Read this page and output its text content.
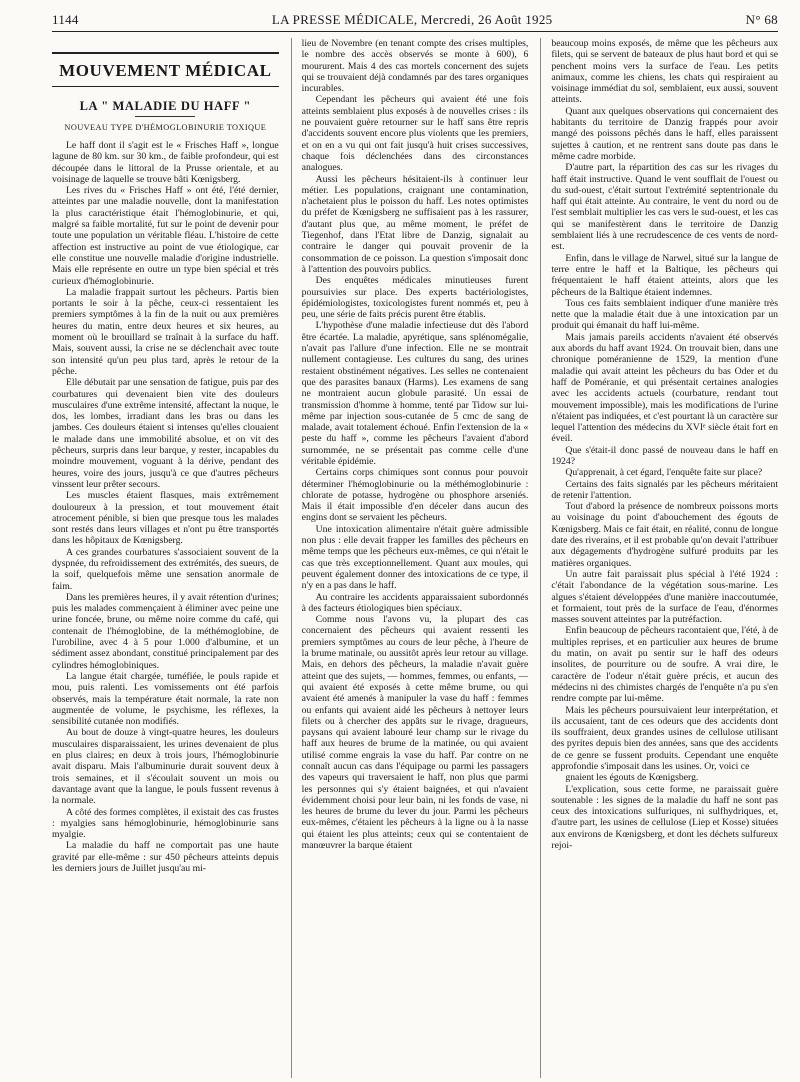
1144	LA PRESSE MÉDICALE, Mercredi, 26 Août 1925	N° 68
MOUVEMENT MÉDICAL
LA " MALADIE DU HAFF "
NOUVEAU TYPE D'HÉMOGLOBINURIE TOXIQUE

Le haff dont il s'agit est le « Frisches Haff », longue lagune de 80 km. sur 30 km., de faible profondeur, qui est découpée dans le littoral de la Prusse orientale, et au voisinage de laquelle se trouve bâti Kœnigsberg.

Les rives du « Frisches Haff » ont été, l'été dernier, atteintes par une maladie nouvelle, dont la manifestation la plus caractéristique était l'hémoglobinurie, et qui, malgré sa faible mortalité, fut sur le point de devenir pour toute une population un véritable fléau. L'histoire de cette affection est instructive au point de vue étiologique, car elle constitue une nouvelle maladie d'origine industrielle. Mais elle représente en outre un type bien spécial et très curieux d'hémoglobinurie.

La maladie frappait surtout les pêcheurs. Partis bien portants le soir à la pêche, ceux-ci ressentaient les premiers symptômes à la fin de la nuit ou aux premières heures du matin, entre deux heures et six heures, au moment où le brouillard se traînait à la surface du haff. Mais, souvent aussi, la crise ne se déclenchait avec toute son intensité qu'un peu plus tard, après le retour de la pêche.

Elle débutait par une sensation de fatigue, puis par des courbatures qui devenaient bien vite des douleurs musculaires d'une extrême intensité, affectant la nuque, le dos, les lombes, irradiant dans les bras ou dans les jambes. Ces douleurs étaient si intenses qu'elles clouaient le malade dans une immobilité absolue, et on vit des pêcheurs, surpris dans leur barque, y rester, incapables du moindre mouvement, voguant à la dérive, pendant des heures, voire des jours, jusqu'à ce que d'autres pêcheurs vinssent leur prêter secours.

Les muscles étaient flasques, mais extrêmement douloureux à la pression, et tout mouvement était atrocement pénible, si bien que presque tous les malades sont restés dans leurs villages et n'ont pu être transportés dans les hôpitaux de Kœnigsberg.

A ces grandes courbatures s'associaient souvent de la dyspnée, du refroidissement des extrémités, des sueurs, de la soif, quelquefois même une sensation anormale de faim.

Dans les premières heures, il y avait rétention d'urines; puis les malades commençaient à éliminer avec peine une urine foncée, brune, ou même noire comme du café, qui contenait de l'hémoglobine, de la méthémoglobine, de l'urobiline, avec 4 à 5 pour 1.000 d'albumine, et un sédiment assez abondant, constitué principalement par des cylindres hémoglobiniques.

La langue était chargée, tuméfiée, le pouls rapide et mou, puis ralenti. Les vomissements ont été parfois observés, mais la température était normale, la rate non augmentée de volume, le psychisme, les réflexes, la sensibilité cutanée non modifiés.

Au bout de douze à vingt-quatre heures, les douleurs musculaires disparaissaient, les urines devenaient de plus en plus claires; en deux à trois jours, l'hémoglobinurie avait disparu. Mais l'albuminurie durait souvent deux à trois semaines, et il s'écoulait souvent un mois ou davantage avant que la langue, le pouls fussent revenus à la normale.

A côté des formes complètes, il existait des cas frustes : myalgies sans hémoglobinurie, hémoglobinurie sans myalgie.

La maladie du haff ne comportait pas une haute gravité par elle-même : sur 450 pêcheurs atteints depuis les derniers jours de Juillet jusqu'au mi-

lieu de Novembre (en tenant compte des crises multiples, le nombre des accès observés se monte à 600), 6 moururent. Mais 4 des cas mortels concernent des sujets qui se trouvaient déjà condamnés par des tares organiques incurables.

Cependant les pêcheurs qui avaient été une fois atteints semblaient plus exposés à de nouvelles crises : ils ne pouvaient guère retourner sur le haff sans être repris d'accidents souvent encore plus violents que les premiers, et on en a vu qui ont fait jusqu'à huit crises successives, chaque fois déclenchées dans des circonstances analogues.

Aussi les pêcheurs hésitaient-ils à continuer leur métier. Les populations, craignant une contamination, n'achetaient plus le poisson du haff. Les notes optimistes du préfet de Kœnigsberg ne suffisaient pas à les rassurer, d'autant plus que, au même moment, le préfet de Tiegenhof, dans l'Etat libre de Danzig, signalait au contraire le danger qui pouvait provenir de la consommation de ce poisson. La question s'imposait donc à l'attention des pouvoirs publics.

Des enquêtes médicales minutieuses furent poursuivies sur place. Des experts bactériologistes, épidémiologistes, toxicologistes furent nommés et, peu à peu, une série de faits précis purent être établis.

L'hypothèse d'une maladie infectieuse dut dès l'abord être écartée. La maladie, apyrétique, sans splénomégalie, n'avait pas l'allure d'une infection. Elle ne se montrait nullement contagieuse. Les cultures du sang, des urines restaient obstinément négatives. Les selles ne contenaient que des parasites banaux (Harms). Les examens de sang ne montraient aucun globule parasité. Un essai de transmission d'homme à homme, tenté par Tidow sur lui-même par injection sous-cutanée de 5 cmc de sang de malade, avait totalement échoué. Enfin l'extension de la « peste du haff », comme les pêcheurs l'avaient d'abord surnommée, ne se présentait pas comme celle d'une véritable épidémie.

Certains corps chimiques sont connus pour pouvoir déterminer l'hémoglobinurie ou la méthémoglobinurie : chlorate de potasse, hydrogène ou phosphore arseniés. Mais il était impossible d'en déceler dans aucun des engins dont se servaient les pêcheurs.

Une intoxication alimentaire n'était guère admissible non plus : elle devait frapper les familles des pêcheurs en même temps que les pêcheurs eux-mêmes, ce qui n'était le cas que très exceptionnellement. Quant aux moules, qui peuvent également donner des intoxications de ce type, il n'y en a pas dans le haff.

Au contraire les accidents apparaissaient subordonnés à des facteurs étiologiques bien spéciaux.

Comme nous l'avons vu, la plupart des cas concernaient des pêcheurs qui avaient ressenti les premiers symptômes au cours de leur pêche, à l'heure de la brume matinale, ou aussitôt après leur retour au village. Mais, en dehors des pêcheurs, la maladie n'avait guère atteint que des sujets, — hommes, femmes, ou enfants, — qui avaient été exposés à cette même brume, ou qui avaient été amenés à manipuler la vase du haff : femmes ou enfants qui avaient aidé les pêcheurs à nettoyer leurs filets ou à chercher des appâts sur le rivage, dragueurs, paysans qui avaient labouré leur champ sur le rivage du haff aux heures de brume de la matinée, ou qui avaient utilisé comme engrais la vase du haff. Par contre on ne connaît aucun cas dans l'équipage ou parmi les passagers des vapeurs qui traversaient le haff, non plus que parmi les personnes qui s'y étaient baignées, et qui n'avaient évidemment choisi pour leur bain, ni les fonds de vase, ni les heures de brume du lever du jour. Parmi les pêcheurs eux-mêmes, c'étaient les pêcheurs à la ligne ou à la nasse qui étaient les plus atteints; ceux qui se contentaient de manœuvrer la barque étaient

beaucoup moins exposés, de même que les pêcheurs aux filets, qui se servent de bateaux de plus haut bord et qui se penchent moins vers la surface de l'eau. Les petits animaux, comme les chiens, les chats qui respiraient au voisinage immédiat du sol, semblaient, eux aussi, souvent atteints.

Quant aux quelques observations qui concernaient des habitants du territoire de Danzig frappés pour avoir mangé des poissons pêchés dans le haff, elles paraissent sujettes à caution, et ne rentrent sans doute pas dans le même cadre morbide.

D'autre part, la répartition des cas sur les rivages du haff était instructive. Quand le vent soufflait de l'ouest ou du sud-ouest, c'était surtout l'extrémité septentrionale du haff qui était atteinte. Au contraire, le vent du nord ou de l'est semblait multiplier les cas vers le sud-ouest, et les cas qui se manifestèrent dans le territoire de Danzig semblaient liés à une recrudescence de ces vents de nord-est.

Enfin, dans le village de Narwel, situé sur la langue de terre entre le haff et la Baltique, les pêcheurs qui fréquentaient le haff étaient atteints, alors que les pêcheurs de la Baltique étaient indemnes.

Tous ces faits semblaient indiquer d'une manière très nette que la maladie était due à une intoxication par un produit qui émanait du haff lui-même.

Mais jamais pareils accidents n'avaient été observés aux abords du haff avant 1924. On trouvait bien, dans une chronique poméranienne de 1529, la mention d'une maladie qui avait atteint les pêcheurs du bas Oder et du haff de Poméranie, et qui présentait certaines analogies avec les accidents actuels (courbature, rendant tout mouvement impossible), mais les modifications de l'urine n'étaient pas indiquées, et c'est pourtant là un caractère sur lequel l'attention des médecins du XVIᵉ siècle était fort en éveil.

Que s'était-il donc passé de nouveau dans le haff en 1924?

Qu'apprenait, à cet égard, l'enquête faite sur place?

Certains des faits signalés par les pêcheurs méritaient de retenir l'attention.

Tout d'abord la présence de nombreux poissons morts au voisinage du point d'abouchement des égouts de Kœnigsberg. Mais ce fait était, en réalité, connu de longue date des riverains, et il est probable qu'on devait l'attribuer aux dégagements d'hydrogène sulfuré produits par les matières organiques.

Un autre fait paraissait plus spécial à l'été 1924 : c'était l'abondance de la végétation sous-marine. Les algues s'étaient développées d'une manière inaccoutumée, et formaient, tout près de la surface de l'eau, d'énormes masses souvent atteintes par la putréfaction.

Enfin beaucoup de pêcheurs racontaient que, l'été, à de multiples reprises, et en particulier aux heures de brume du matin, on avait pu sentir sur le haff des odeurs insolites, de pourriture ou de soufre. A vrai dire, le caractère de l'odeur n'était guère précis, et aucun des médecins ni des chimistes chargés de l'enquête n'a pu s'en rendre compte par lui-même.

Mais les pêcheurs poursuivaient leur interprétation, et ils accusaient, tant de ces odeurs que des accidents dont ils souffraient, deux grandes usines de cellulose utilisant des pyrites depuis bien des années, sans que des accidents de ce genre se fussent produits. Cependant une enquête approfondie s'imposait dans les usines. Or, voici ce

gnaient les égouts de Kœnigsberg.

L'explication, sous cette forme, ne paraissait guère soutenable : les signes de la maladie du haff ne sont pas ceux des intoxications sulfuriques, ni sulfhydriques, et, d'autre part, les usines de cellulose (Liep et Kosse) situées aux environs de Kœnigsberg, et dont les déchets sulfureux rejoi-
